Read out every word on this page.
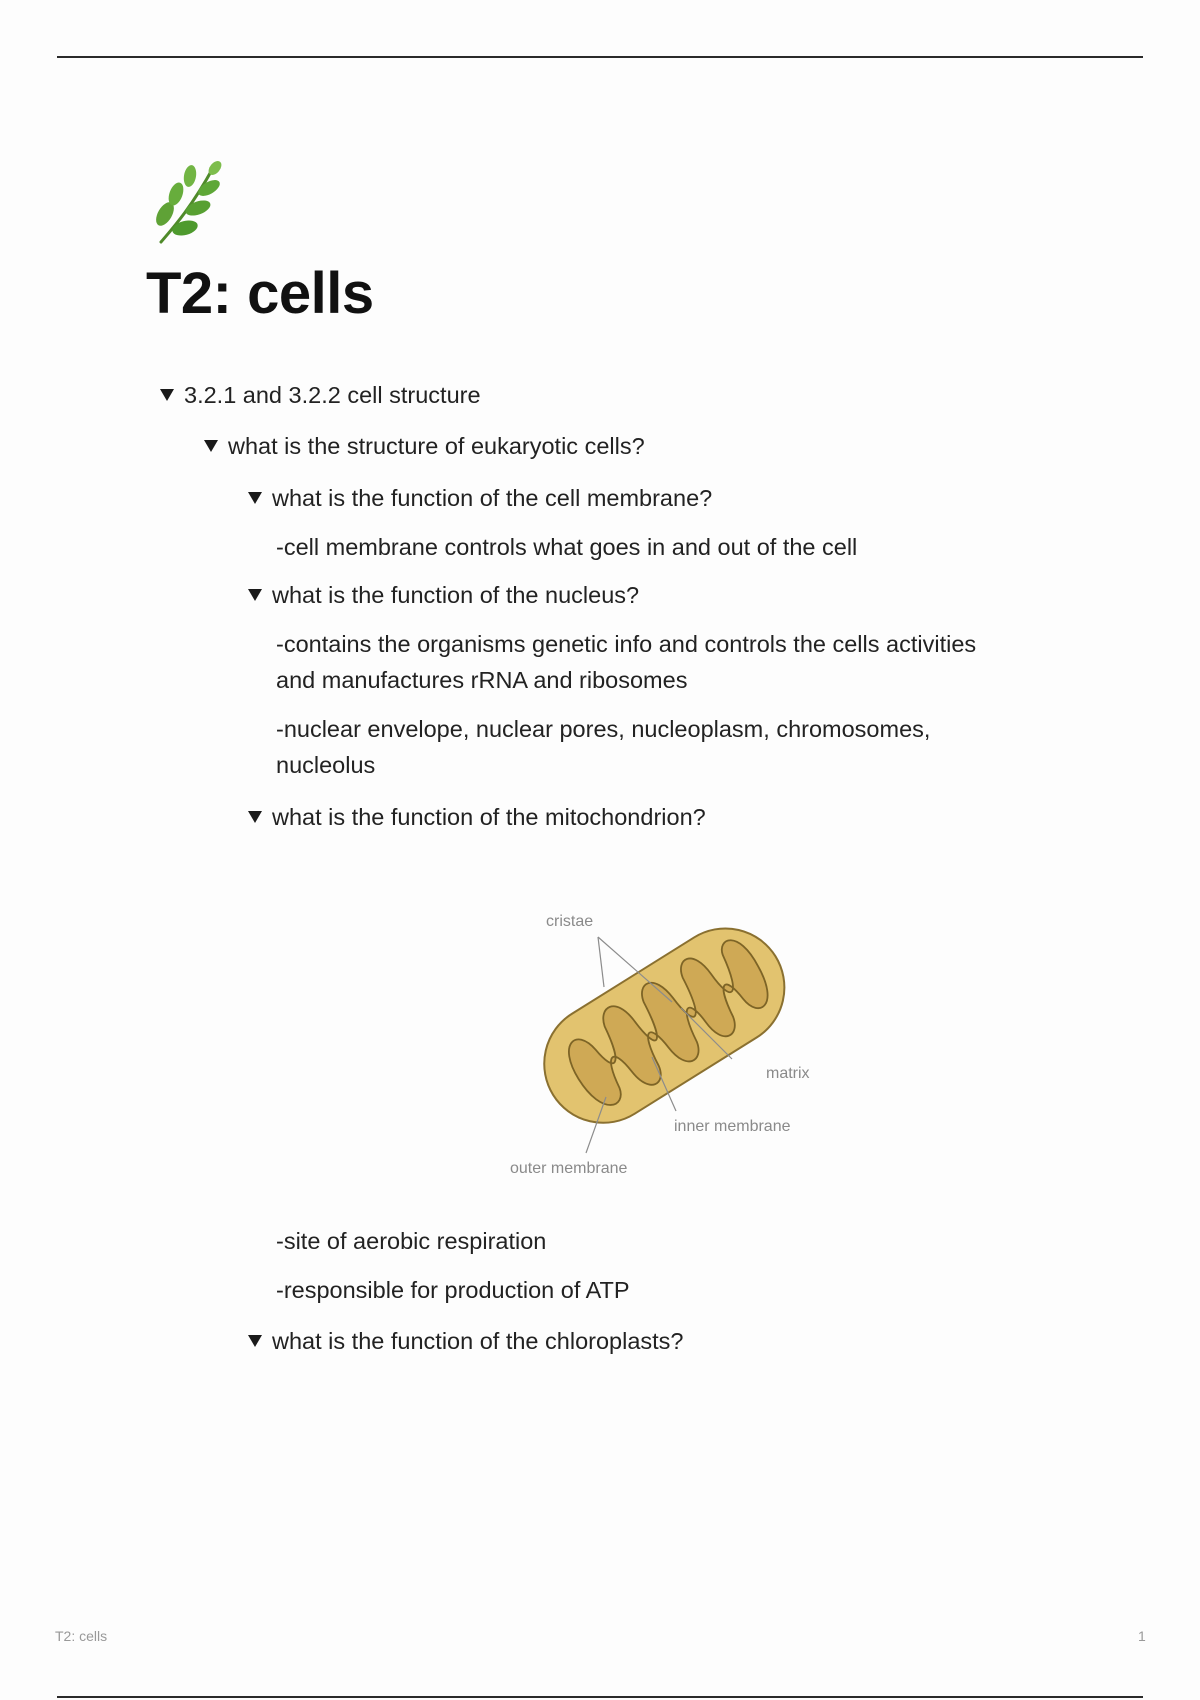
T2: cells
3.2.1 and 3.2.2 cell structure
what is the structure of eukaryotic cells?
what is the function of the cell membrane?
-cell membrane controls what goes in and out of the cell
what is the function of the nucleus?
-contains the organisms genetic info and controls the cells activities
and manufactures rRNA and ribosomes
-nuclear envelope, nuclear pores, nucleoplasm, chromosomes,
nucleolus
what is the function of the mitochondrion?
cristae
matrix
inner membrane
outer membrane
-site of aerobic respiration
-responsible for production of ATP
what is the function of the chloroplasts?
T2: cells	1
